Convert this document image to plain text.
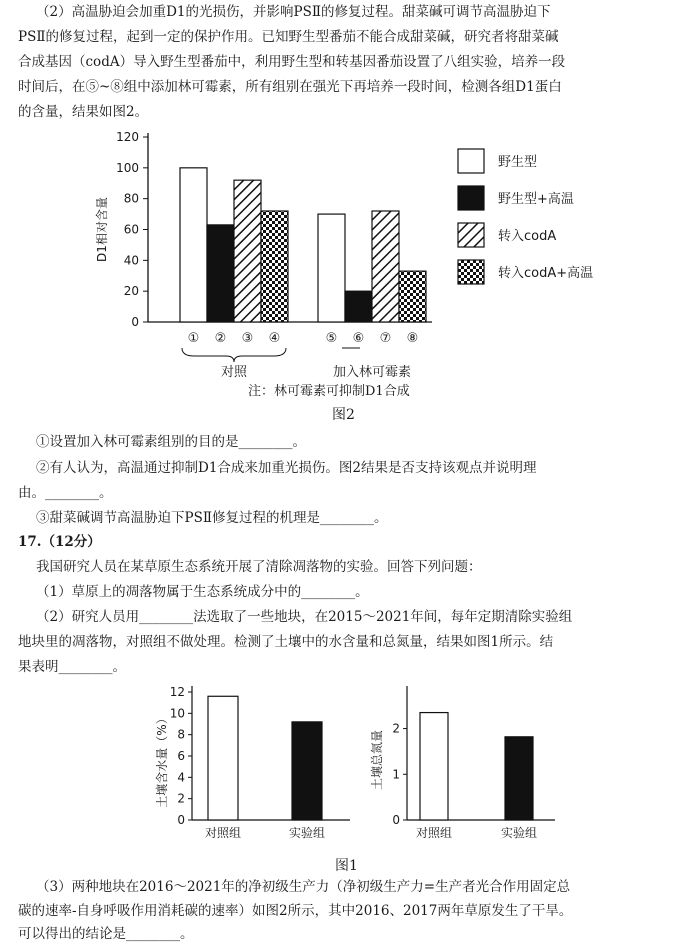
（2）高温胁迫会加重D1的光损伤，并影响PSⅡ的修复过程。甜菜碱可调节高温胁迫下
PSⅡ的修复过程，起到一定的保护作用。已知野生型番茄不能合成甜菜碱，研究者将甜菜碱
合成基因（codA）导入野生型番茄中，利用野生型和转基因番茄设置了八组实验，培养一段
时间后，在⑤~⑧组中添加林可霉素，所有组别在强光下再培养一段时间，检测各组D1蛋白
的含量，结果如图2。
0
20
40
60
80
100
120
D1相对含量
① ② ③ ④	⑤ ⑥ ⑦ ⑧
对照	加入林可霉素
野生型
野生型+高温
转入codA
转入codA+高温
注：林可霉素可抑制D1合成
图2
①设置加入林可霉素组别的目的是________。
②有人认为，高温通过抑制D1合成来加重光损伤。图2结果是否支持该观点并说明理
由。________。
③甜菜碱调节高温胁迫下PSⅡ修复过程的机理是________。
17.（12分）
我国研究人员在某草原生态系统开展了清除凋落物的实验。回答下列问题：
（1）草原上的凋落物属于生态系统成分中的________。
（2）研究人员用________法选取了一些地块，在2015～2021年间，每年定期清除实验组
地块里的凋落物，对照组不做处理。检测了土壤中的水含量和总氮量，结果如图1所示。结
果表明________。
0
2
4
6
8
10
12
土壤含水量（%）
对照组	实验组
0
1
2
土壤总氮量
对照组	实验组
图1
（3）两种地块在2016～2021年的净初级生产力（净初级生产力=生产者光合作用固定总
碳的速率-自身呼吸作用消耗碳的速率）如图2所示，其中2016、2017两年草原发生了干旱。
可以得出的结论是________。
